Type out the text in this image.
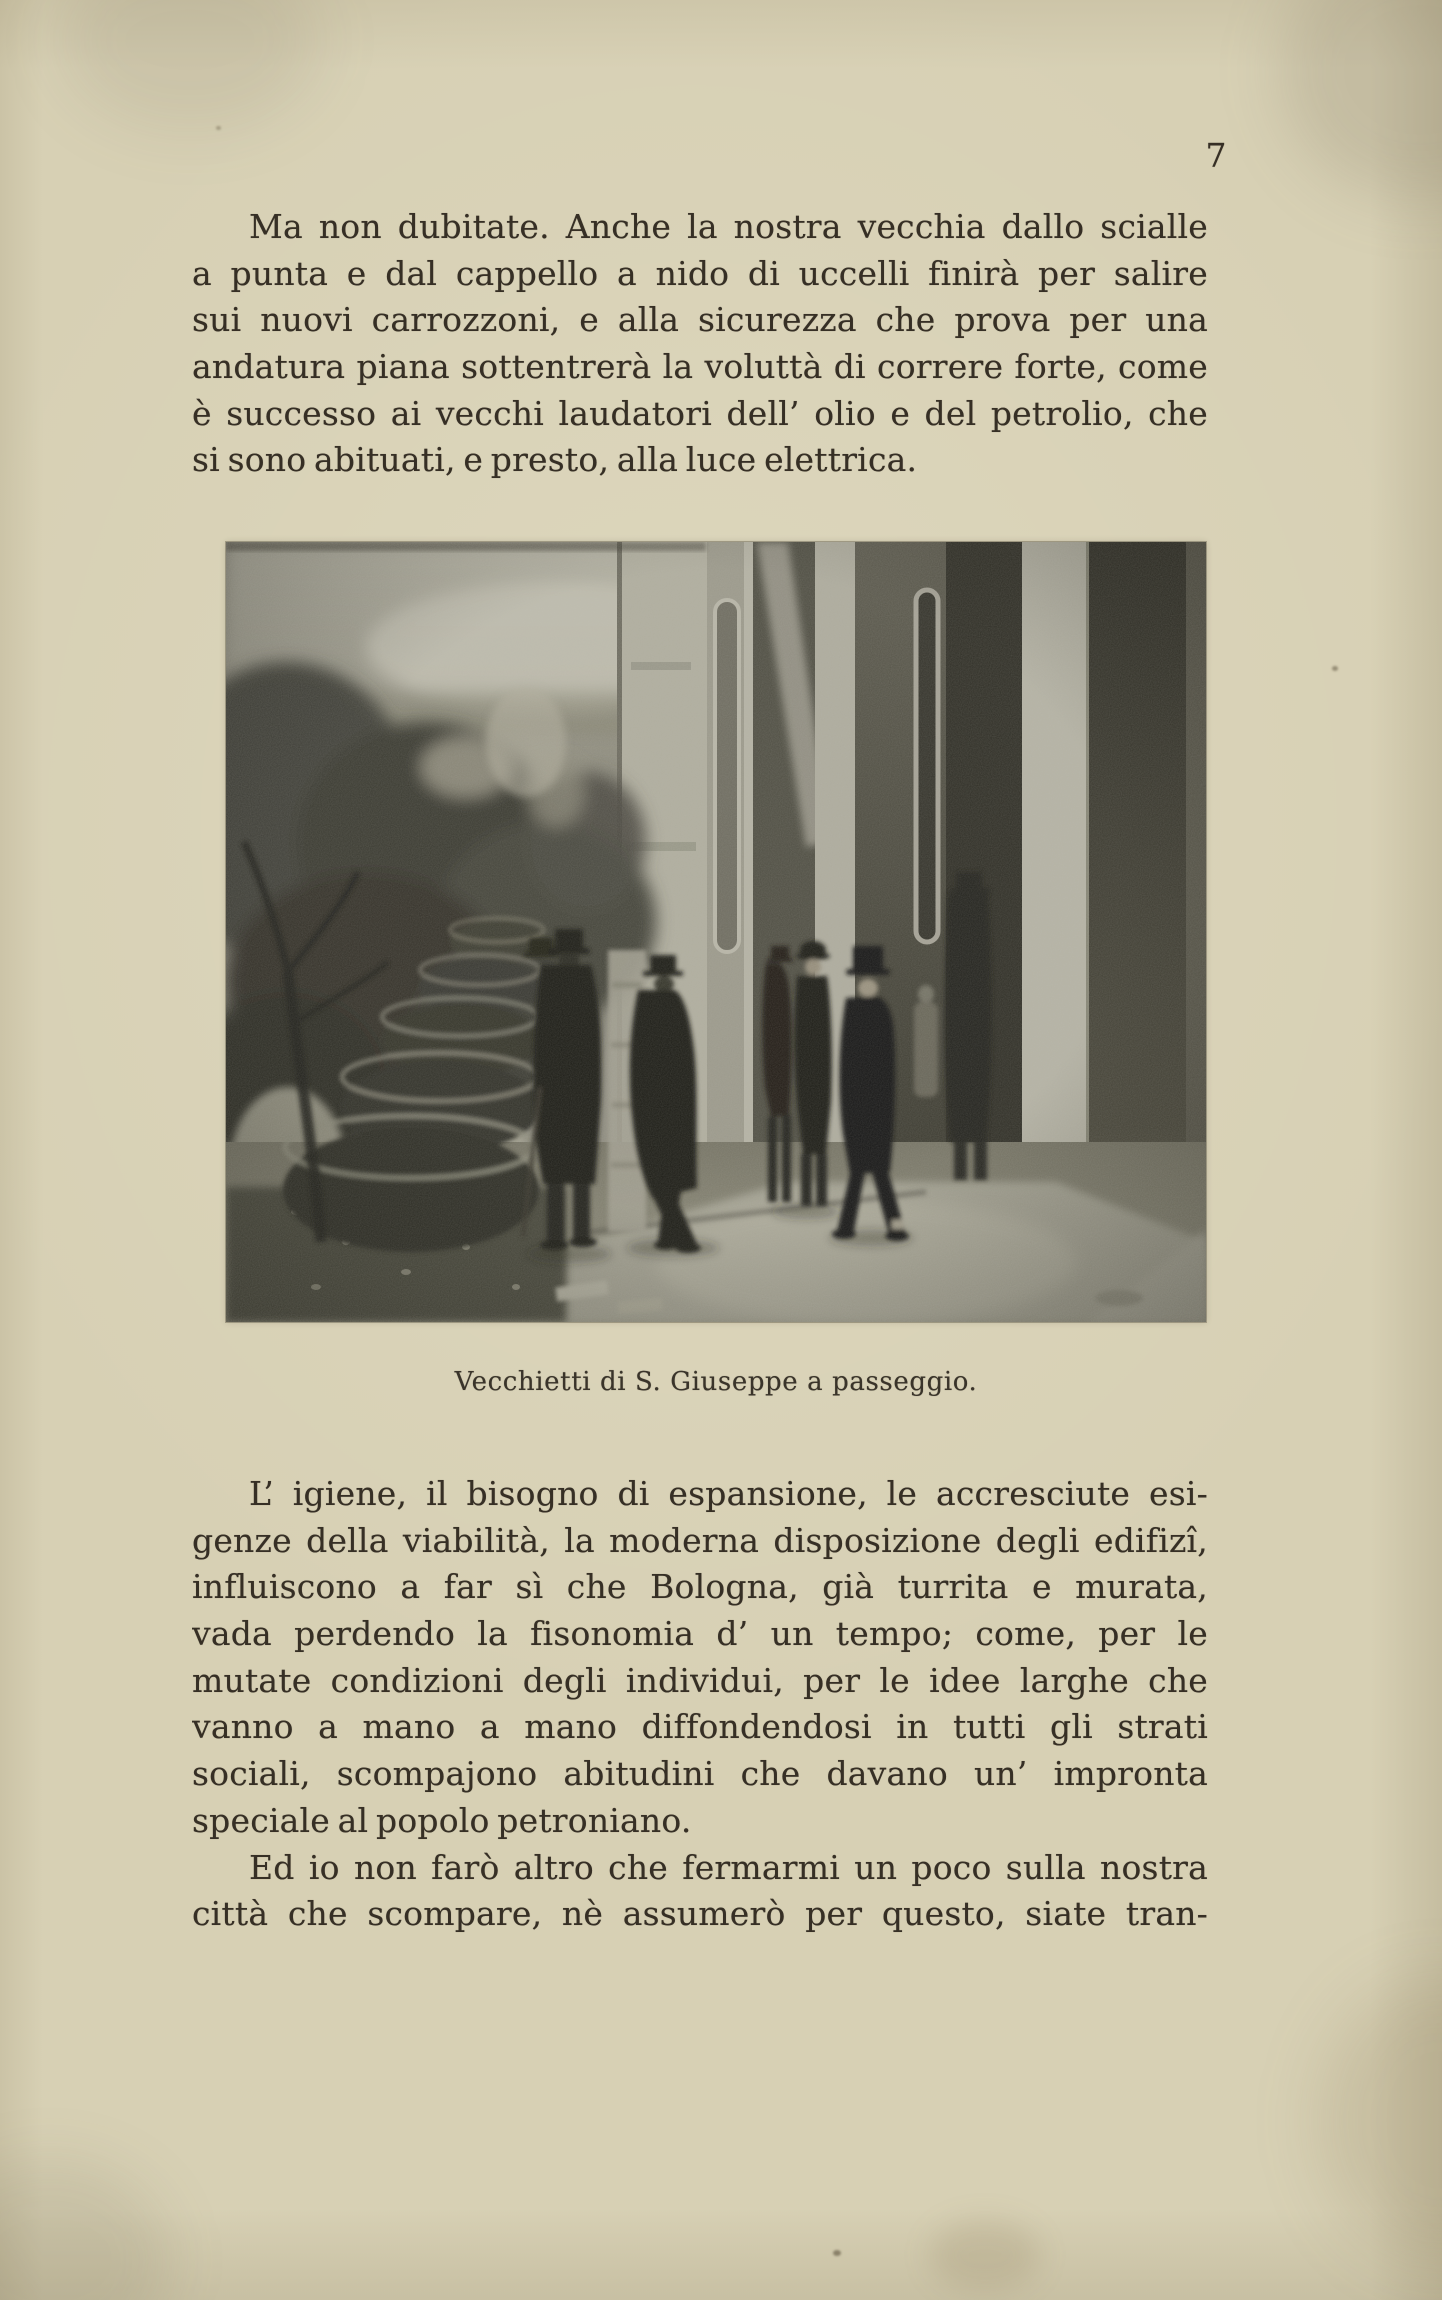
7
Ma non dubitate. Anche la nostra vecchia dallo scialle
a punta e dal cappello a nido di uccelli finirà per salire
sui nuovi carrozzoni, e alla sicurezza che prova per una
andatura piana sottentrerà la voluttà di correre forte, come
è successo ai vecchi laudatori dell’ olio e del petrolio, che
si sono abituati, e presto, alla luce elettrica.
Vecchietti di S. Giuseppe a passeggio.
L’ igiene, il bisogno di espansione, le accresciute esi-
genze della viabilità, la moderna disposizione degli edifizî,
influiscono a far sì che Bologna, già turrita e murata,
vada perdendo la fisonomia d’ un tempo; come, per le
mutate condizioni degli individui, per le idee larghe che
vanno a mano a mano diffondendosi in tutti gli strati
sociali, scompajono abitudini che davano un’ impronta
speciale al popolo petroniano.
Ed io non farò altro che fermarmi un poco sulla nostra
città che scompare, nè assumerò per questo, siate tran-
